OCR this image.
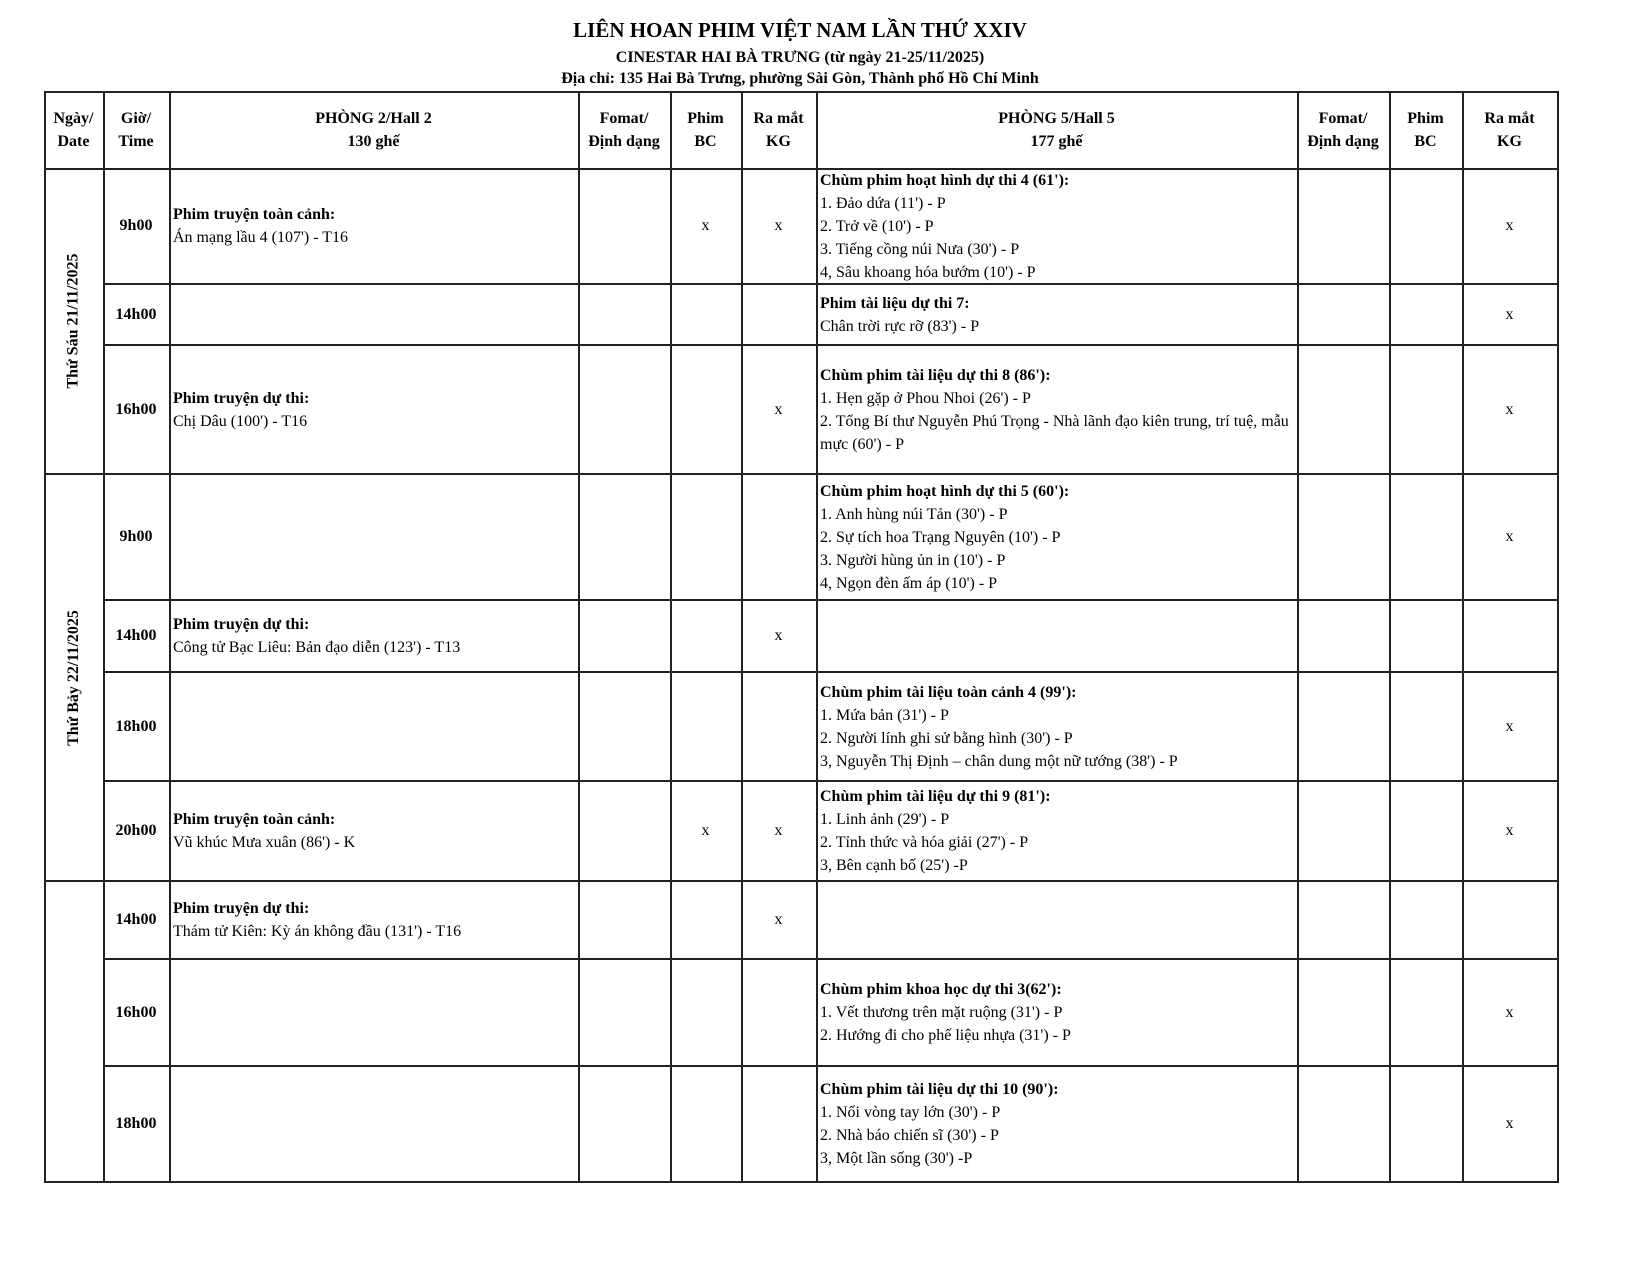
LIÊN HOAN PHIM VIỆT NAM LẦN THỨ XXIV
CINESTAR HAI BÀ TRƯNG (từ ngày 21-25/11/2025)
Địa chỉ: 135 Hai Bà Trưng, phường Sài Gòn, Thành phố Hồ Chí Minh
Ngày/
Date
Giờ/
Time
PHÒNG 2/Hall 2
130 ghế
Fomat/
Định dạng
Phim
BC
Ra mắt
KG
PHÒNG 5/Hall 5
177 ghế
Fomat/
Định dạng
Phim
BC
Ra mắt
KG
Thứ Sáu 21/11/2025
Thứ Bảy 22/11/2025
9h00
Phim truyện toàn cảnh:
Án mạng lầu 4 (107') - T16
x	x
Chùm phim hoạt hình dự thi 4 (61'):
1. Đảo dứa (11') - P
2. Trở về (10') - P
3. Tiếng cồng núi Nưa (30') - P
4, Sâu khoang hóa bướm (10') - P
x
14h00
Phim tài liệu dự thi 7:
Chân trời rực rỡ (83') - P
x
16h00
Phim truyện dự thi:
Chị Dâu (100') - T16
x
Chùm phim tài liệu dự thi 8 (86'):
1. Hẹn gặp ở Phou Nhoi (26') - P
2. Tổng Bí thư Nguyễn Phú Trọng - Nhà lãnh đạo kiên trung, trí tuệ, mẫu mực (60') - P
x
9h00
Chùm phim hoạt hình dự thi 5 (60'):
1. Anh hùng núi Tản (30') - P
2. Sự tích hoa Trạng Nguyên (10') - P
3. Người hùng ủn in (10') - P
4, Ngọn đèn ấm áp (10') - P
x
14h00
Phim truyện dự thi:
Công tử Bạc Liêu: Bản đạo diễn (123') - T13
x
18h00
Chùm phim tài liệu toàn cảnh 4 (99'):
1. Mứa bản (31') - P
2. Người lính ghi sử bằng hình (30') - P
3, Nguyễn Thị Định – chân dung một nữ tướng (38') - P
x
20h00
Phim truyện toàn cảnh:
Vũ khúc Mưa xuân (86') - K
x	x
Chùm phim tài liệu dự thi 9 (81'):
1. Linh ảnh (29') - P
2. Tỉnh thức và hóa giải (27') - P
3, Bên cạnh bố (25') -P
x
14h00
Phim truyện dự thi:
Thám tử Kiên: Kỳ án không đầu (131') - T16
x
16h00
Chùm phim khoa học dự thi 3(62'):
1. Vết thương trên mặt ruộng (31') - P
2. Hướng đi cho phế liệu nhựa (31') - P
x
18h00
Chùm phim tài liệu dự thi 10 (90'):
1. Nối vòng tay lớn (30') - P
2. Nhà báo chiến sĩ (30') - P
3, Một lần sống (30') -P
x
